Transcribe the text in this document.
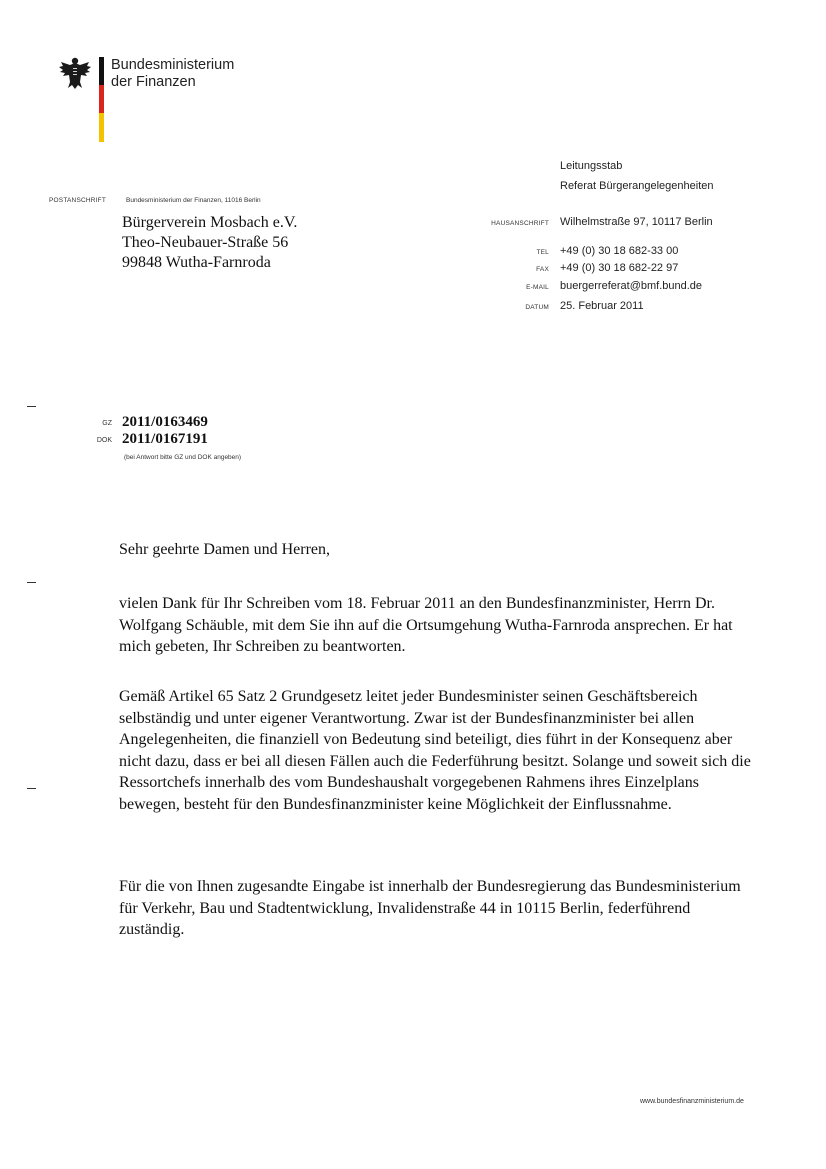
Bundesministerium
der Finanzen
POSTANSCHRIFT	Bundesministerium der Finanzen, 11016 Berlin
Bürgerverein Mosbach e.V.
Theo-Neubauer-Straße 56
99848 Wutha-Farnroda
Leitungsstab
Referat Bürgerangelegenheiten
HAUSANSCHRIFT Wilhelmstraße 97, 10117 Berlin
TEL +49 (0) 30 18 682-33 00
FAX +49 (0) 30 18 682-22 97
E-MAIL buergerreferat@bmf.bund.de
DATUM 25. Februar 2011
GZ 2011/0163469
DOK 2011/0167191
(bei Antwort bitte GZ und DOK angeben)

Sehr geehrte Damen und Herren,

vielen Dank für Ihr Schreiben vom 18. Februar 2011 an den Bundesfinanzminister, Herrn Dr. Wolfgang Schäuble, mit dem Sie ihn auf die Ortsumgehung Wutha-Farnroda ansprechen. Er hat mich gebeten, Ihr Schreiben zu beantworten.

Gemäß Artikel 65 Satz 2 Grundgesetz leitet jeder Bundesminister seinen Geschäftsbereich selbständig und unter eigener Verantwortung. Zwar ist der Bundesfinanzminister bei allen Angelegenheiten, die finanziell von Bedeutung sind beteiligt, dies führt in der Konsequenz aber nicht dazu, dass er bei all diesen Fällen auch die Federführung besitzt. Solange und soweit sich die Ressortchefs innerhalb des vom Bundeshaushalt vorgegebenen Rahmens ihres Einzelplans bewegen, besteht für den Bundesfinanzminister keine Möglichkeit der Einflussnahme.

Für die von Ihnen zugesandte Eingabe ist innerhalb der Bundesregierung das Bundesministerium für Verkehr, Bau und Stadtentwicklung, Invalidenstraße 44 in 10115 Berlin, federführend zuständig.

www.bundesfinanzministerium.de
